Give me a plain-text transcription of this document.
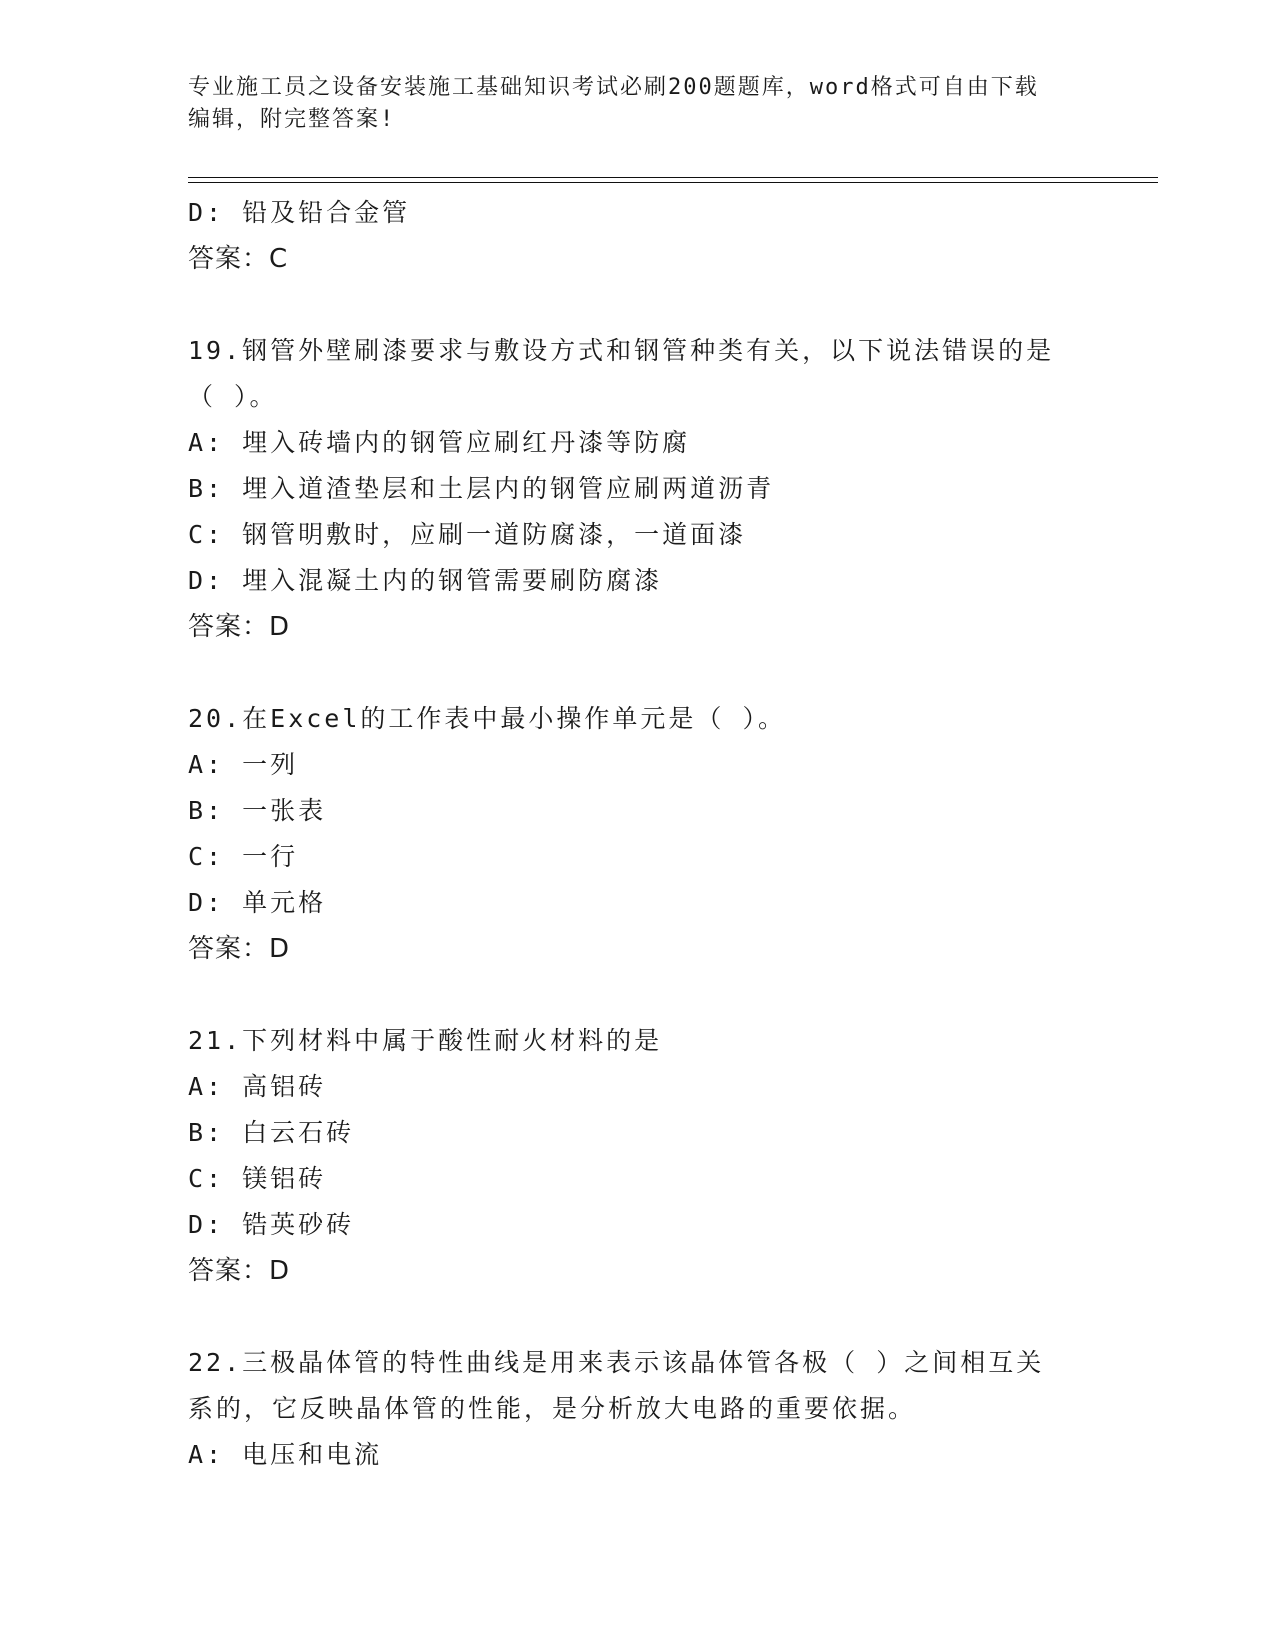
专业施工员之设备安装施工基础知识考试必刷200题题库，word格式可自由下载
编辑，附完整答案!
D: 铅及铅合金管
答案：C
19.钢管外壁刷漆要求与敷设方式和钢管种类有关，以下说法错误的是
（ ）。
A: 埋入砖墙内的钢管应刷红丹漆等防腐
B: 埋入道渣垫层和土层内的钢管应刷两道沥青
C: 钢管明敷时，应刷一道防腐漆，一道面漆
D: 埋入混凝土内的钢管需要刷防腐漆
答案：D
20.在Excel的工作表中最小操作单元是（ ）。
A: 一列
B: 一张表
C: 一行
D: 单元格
答案：D
21.下列材料中属于酸性耐火材料的是
A: 高铝砖
B: 白云石砖
C: 镁铝砖
D: 锆英砂砖
答案：D
22.三极晶体管的特性曲线是用来表示该晶体管各极（ ）之间相互关
系的，它反映晶体管的性能，是分析放大电路的重要依据。
A: 电压和电流
